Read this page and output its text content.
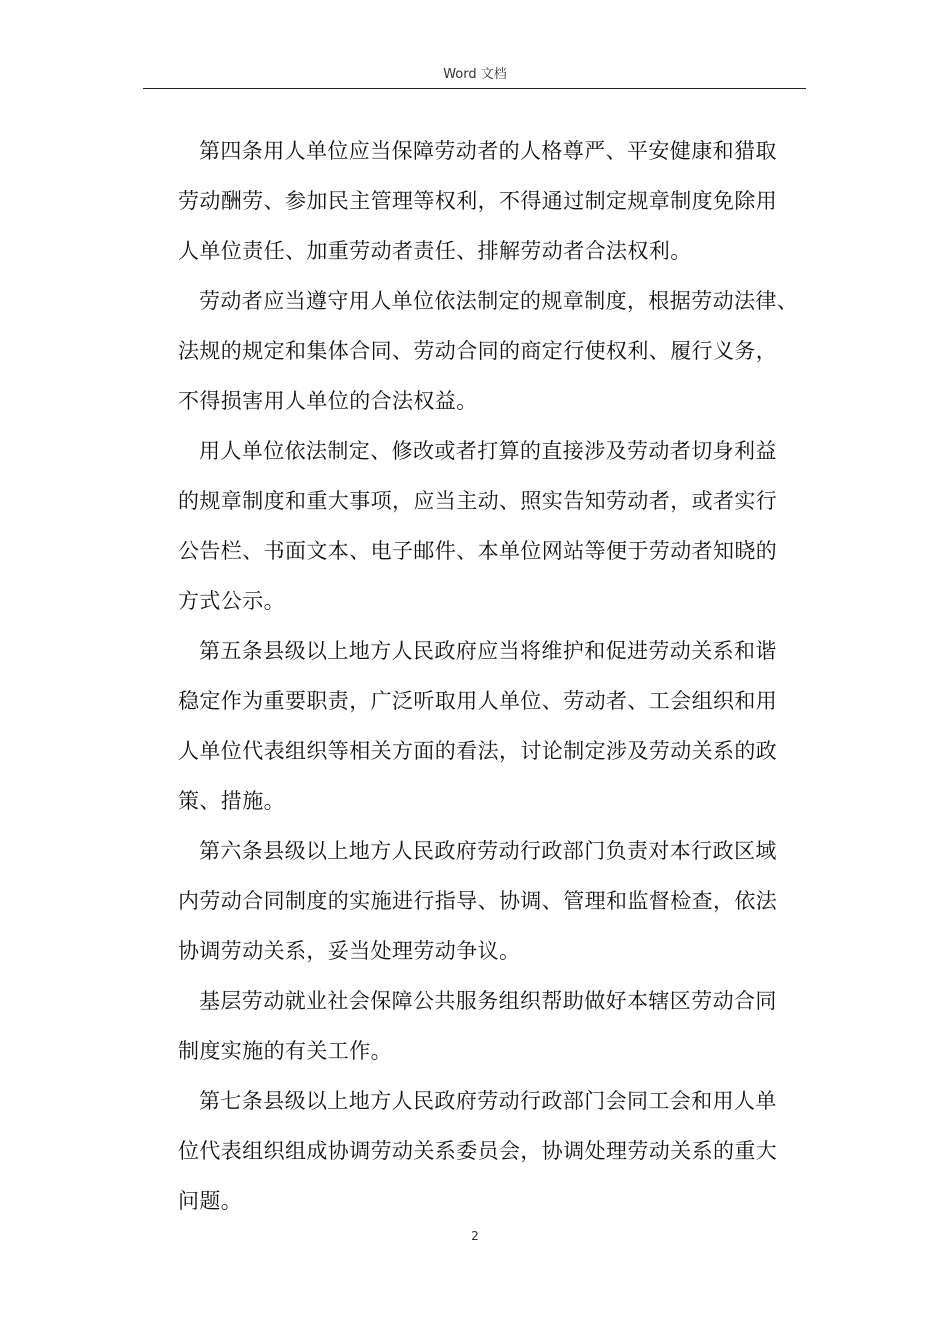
Word 文档
第四条用人单位应当保障劳动者的人格尊严、平安健康和猎取
劳动酬劳、参加民主管理等权利，不得通过制定规章制度免除用
人单位责任、加重劳动者责任、排解劳动者合法权利。
劳动者应当遵守用人单位依法制定的规章制度，根据劳动法律、
法规的规定和集体合同、劳动合同的商定行使权利、履行义务，
不得损害用人单位的合法权益。
用人单位依法制定、修改或者打算的直接涉及劳动者切身利益
的规章制度和重大事项，应当主动、照实告知劳动者，或者实行
公告栏、书面文本、电子邮件、本单位网站等便于劳动者知晓的
方式公示。
第五条县级以上地方人民政府应当将维护和促进劳动关系和谐
稳定作为重要职责，广泛听取用人单位、劳动者、工会组织和用
人单位代表组织等相关方面的看法，讨论制定涉及劳动关系的政
策、措施。
第六条县级以上地方人民政府劳动行政部门负责对本行政区域
内劳动合同制度的实施进行指导、协调、管理和监督检查，依法
协调劳动关系，妥当处理劳动争议。
基层劳动就业社会保障公共服务组织帮助做好本辖区劳动合同
制度实施的有关工作。
第七条县级以上地方人民政府劳动行政部门会同工会和用人单
位代表组织组成协调劳动关系委员会，协调处理劳动关系的重大
问题。
2
